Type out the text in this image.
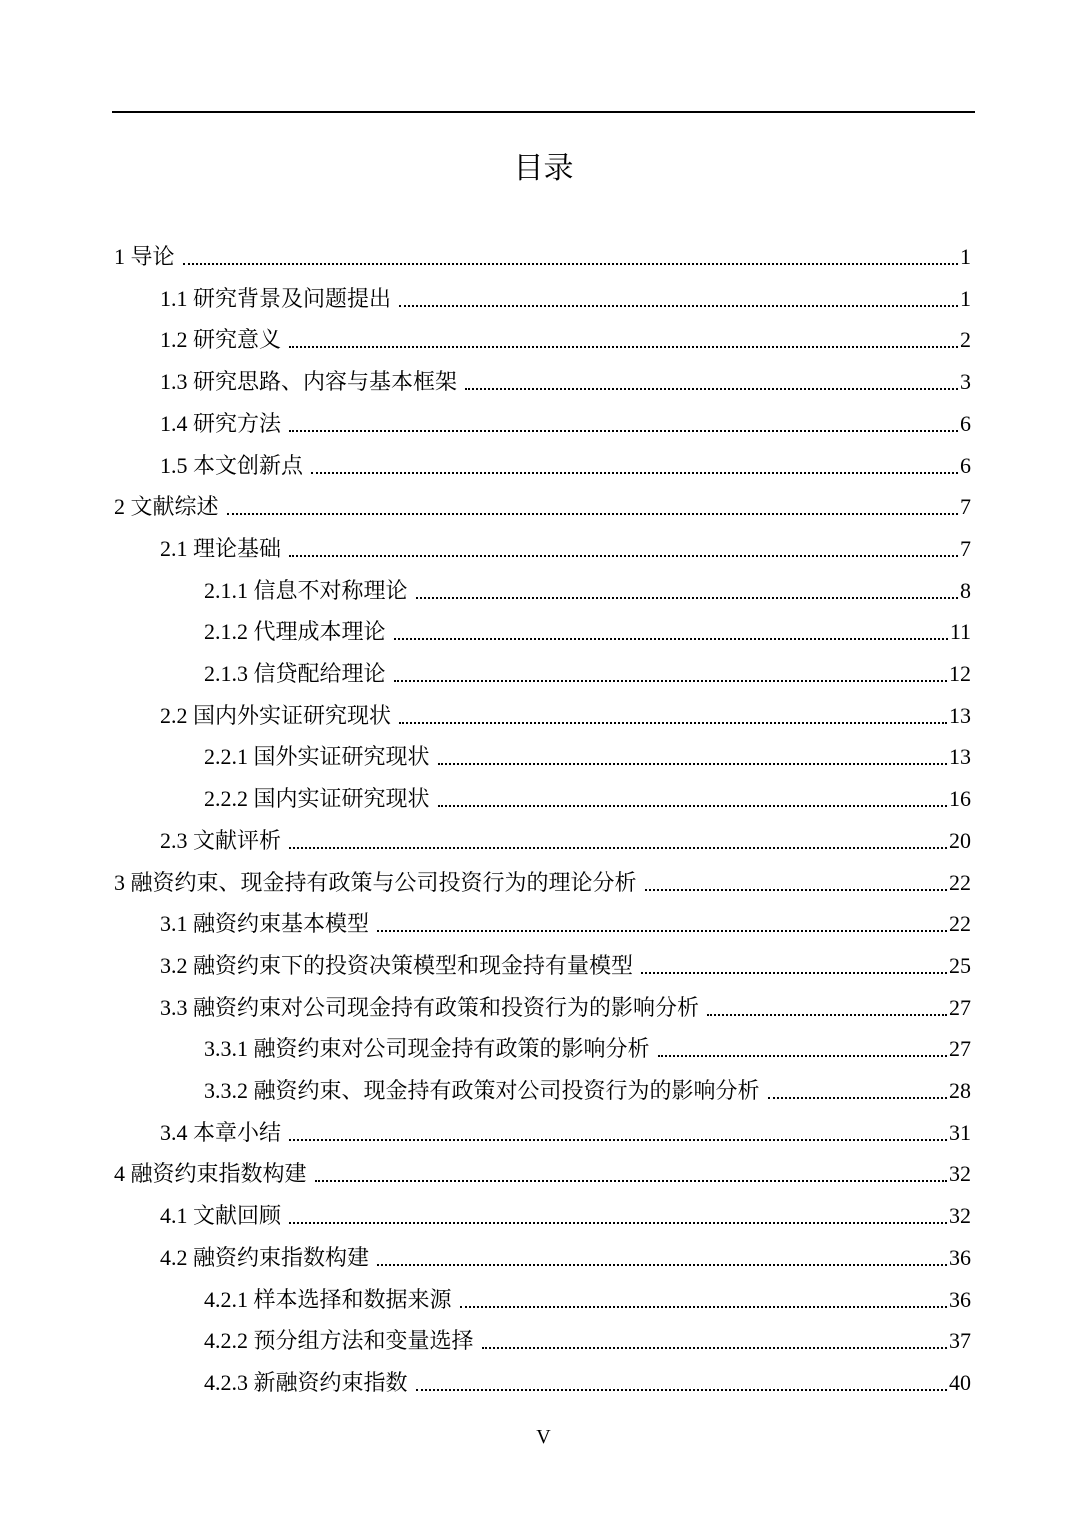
目录
1 导论	1
1.1 研究背景及问题提出	1
1.2 研究意义	2
1.3 研究思路、内容与基本框架	3
1.4 研究方法	6
1.5 本文创新点	6
2 文献综述	7
2.1 理论基础	7
2.1.1 信息不对称理论	8
2.1.2 代理成本理论	11
2.1.3 信贷配给理论	12
2.2 国内外实证研究现状	13
2.2.1 国外实证研究现状	13
2.2.2 国内实证研究现状	16
2.3 文献评析	20
3 融资约束、现金持有政策与公司投资行为的理论分析	22
3.1 融资约束基本模型	22
3.2 融资约束下的投资决策模型和现金持有量模型	25
3.3 融资约束对公司现金持有政策和投资行为的影响分析	27
3.3.1 融资约束对公司现金持有政策的影响分析	27
3.3.2 融资约束、现金持有政策对公司投资行为的影响分析	28
3.4 本章小结	31
4 融资约束指数构建	32
4.1 文献回顾	32
4.2 融资约束指数构建	36
4.2.1 样本选择和数据来源	36
4.2.2 预分组方法和变量选择	37
4.2.3 新融资约束指数	40
V
